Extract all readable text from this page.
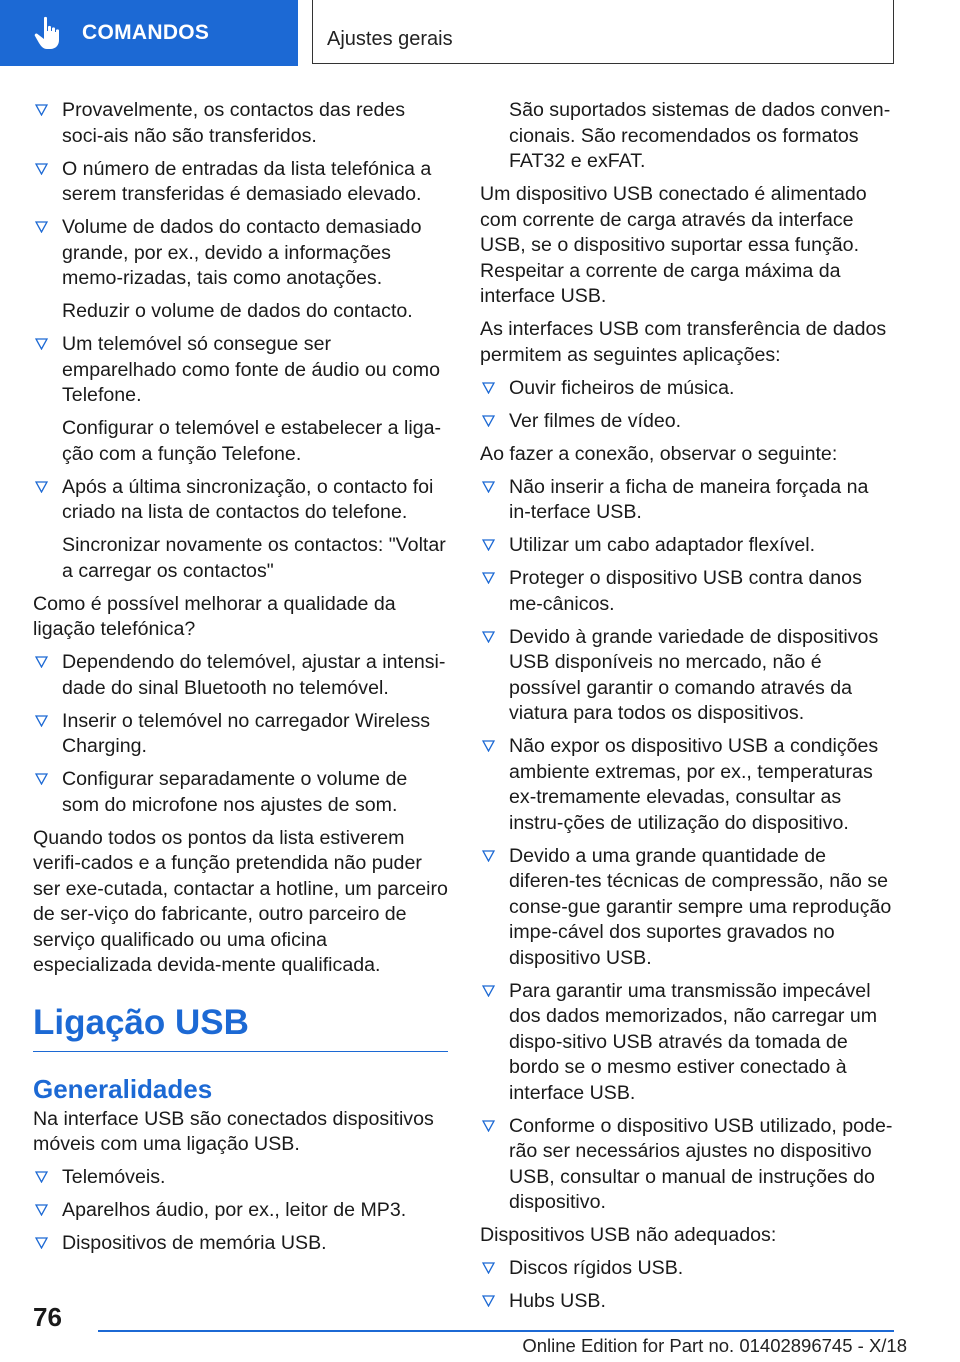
COMANDOS	Ajustes gerais
Provavelmente, os contactos das redes soci‐ais não são transferidos.
O número de entradas da lista telefónica a serem transferidas é demasiado elevado.
Volume de dados do contacto demasiado grande, por ex., devido a informações memo‐rizadas, tais como anotações.
Reduzir o volume de dados do contacto.
Um telemóvel só consegue ser emparelhado como fonte de áudio ou como Telefone.
Configurar o telemóvel e estabelecer a liga‐ção com a função Telefone.
Após a última sincronização, o contacto foi criado na lista de contactos do telefone.
Sincronizar novamente os contactos: "Voltar a carregar os contactos"
Como é possível melhorar a qualidade da ligação telefónica?
Dependendo do telemóvel, ajustar a intensi‐dade do sinal Bluetooth no telemóvel.
Inserir o telemóvel no carregador Wireless Charging.
Configurar separadamente o volume de som do microfone nos ajustes de som.
Quando todos os pontos da lista estiverem verifi‐cados e a função pretendida não puder ser exe‐cutada, contactar a hotline, um parceiro de ser‐viço do fabricante, outro parceiro de serviço qualificado ou uma oficina especializada devida‐mente qualificada.
Ligação USB
Generalidades
Na interface USB são conectados dispositivos móveis com uma ligação USB.
Telemóveis.
Aparelhos áudio, por ex., leitor de MP3.
Dispositivos de memória USB.
São suportados sistemas de dados conven‐cionais. São recomendados os formatos FAT32 e exFAT.
Um dispositivo USB conectado é alimentado com corrente de carga através da interface USB, se o dispositivo suportar essa função. Respeitar a corrente de carga máxima da interface USB.
As interfaces USB com transferência de dados permitem as seguintes aplicações:
Ouvir ficheiros de música.
Ver filmes de vídeo.
Ao fazer a conexão, observar o seguinte:
Não inserir a ficha de maneira forçada na in‐terface USB.
Utilizar um cabo adaptador flexível.
Proteger o dispositivo USB contra danos me‐cânicos.
Devido à grande variedade de dispositivos USB disponíveis no mercado, não é possível garantir o comando através da viatura para todos os dispositivos.
Não expor os dispositivo USB a condições ambiente extremas, por ex., temperaturas ex‐tremamente elevadas, consultar as instru‐ções de utilização do dispositivo.
Devido a uma grande quantidade de diferen‐tes técnicas de compressão, não se conse‐gue garantir sempre uma reprodução impe‐cável dos suportes gravados no dispositivo USB.
Para garantir uma transmissão impecável dos dados memorizados, não carregar um dispo‐sitivo USB através da tomada de bordo se o mesmo estiver conectado à interface USB.
Conforme o dispositivo USB utilizado, pode‐rão ser necessários ajustes no dispositivo USB, consultar o manual de instruções do dispositivo.
Dispositivos USB não adequados:
Discos rígidos USB.
Hubs USB.
76
Online Edition for Part no. 01402896745 - X/18
